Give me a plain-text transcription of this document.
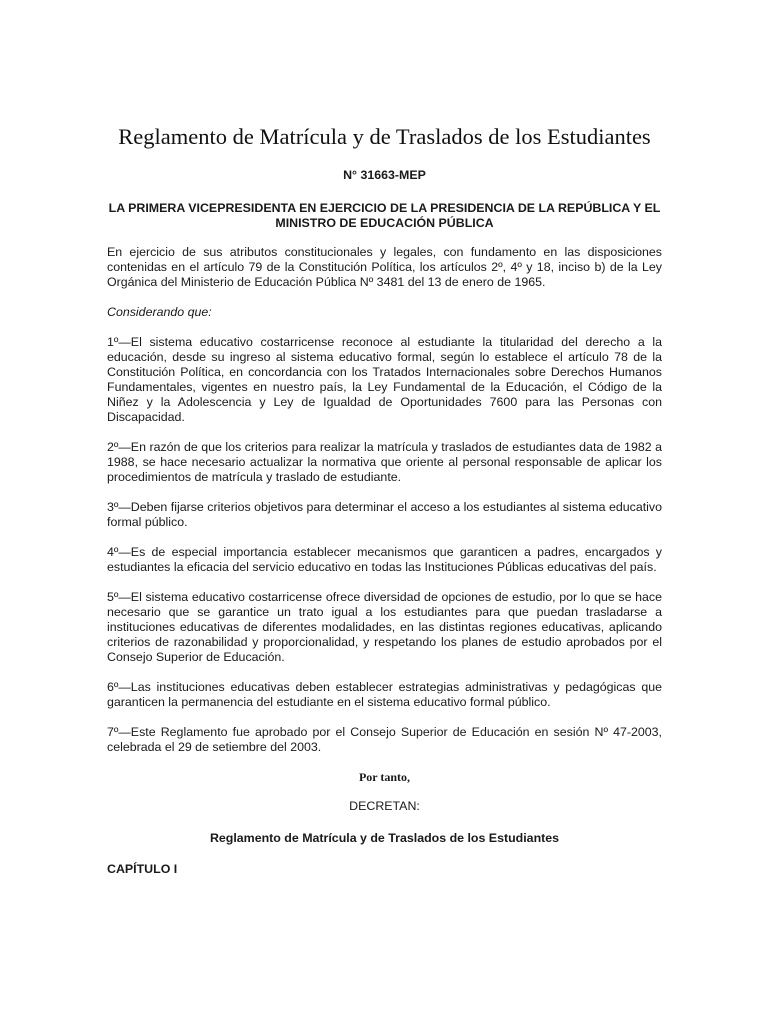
Reglamento de Matrícula y de Traslados de los Estudiantes
N° 31663-MEP
LA PRIMERA VICEPRESIDENTA EN EJERCICIO DE LA PRESIDENCIA DE LA REPÚBLICA Y EL MINISTRO DE EDUCACIÓN PÚBLICA

En ejercicio de sus atributos constitucionales y legales, con fundamento en las disposiciones contenidas en el artículo 79 de la Constitución Política, los artículos 2º, 4º y 18, inciso b) de la Ley Orgánica del Ministerio de Educación Pública Nº 3481 del 13 de enero de 1965.

Considerando que:

1º—El sistema educativo costarricense reconoce al estudiante la titularidad del derecho a la educación, desde su ingreso al sistema educativo formal, según lo establece el artículo 78 de la Constitución Política, en concordancia con los Tratados Internacionales sobre Derechos Humanos Fundamentales, vigentes en nuestro país, la Ley Fundamental de la Educación, el Código de la Niñez y la Adolescencia y Ley de Igualdad de Oportunidades 7600 para las Personas con Discapacidad.

2º—En razón de que los criterios para realizar la matrícula y traslados de estudiantes data de 1982 a 1988, se hace necesario actualizar la normativa que oriente al personal responsable de aplicar los procedimientos de matrícula y traslado de estudiante.

3º—Deben fijarse criterios objetivos para determinar el acceso a los estudiantes al sistema educativo formal público.

4º—Es de especial importancia establecer mecanismos que garanticen a padres, encargados y estudiantes la eficacia del servicio educativo en todas las Instituciones Públicas educativas del país.

5º—El sistema educativo costarricense ofrece diversidad de opciones de estudio, por lo que se hace necesario que se garantice un trato igual a los estudiantes para que puedan trasladarse a instituciones educativas de diferentes modalidades, en las distintas regiones educativas, aplicando criterios de razonabilidad y proporcionalidad, y respetando los planes de estudio aprobados por el Consejo Superior de Educación.

6º—Las instituciones educativas deben establecer estrategias administrativas y pedagógicas que garanticen la permanencia del estudiante en el sistema educativo formal público.

7º—Este Reglamento fue aprobado por el Consejo Superior de Educación en sesión Nº 47-2003, celebrada el 29 de setiembre del 2003.

Por tanto,
DECRETAN:
Reglamento de Matrícula y de Traslados de los Estudiantes
CAPÍTULO I
